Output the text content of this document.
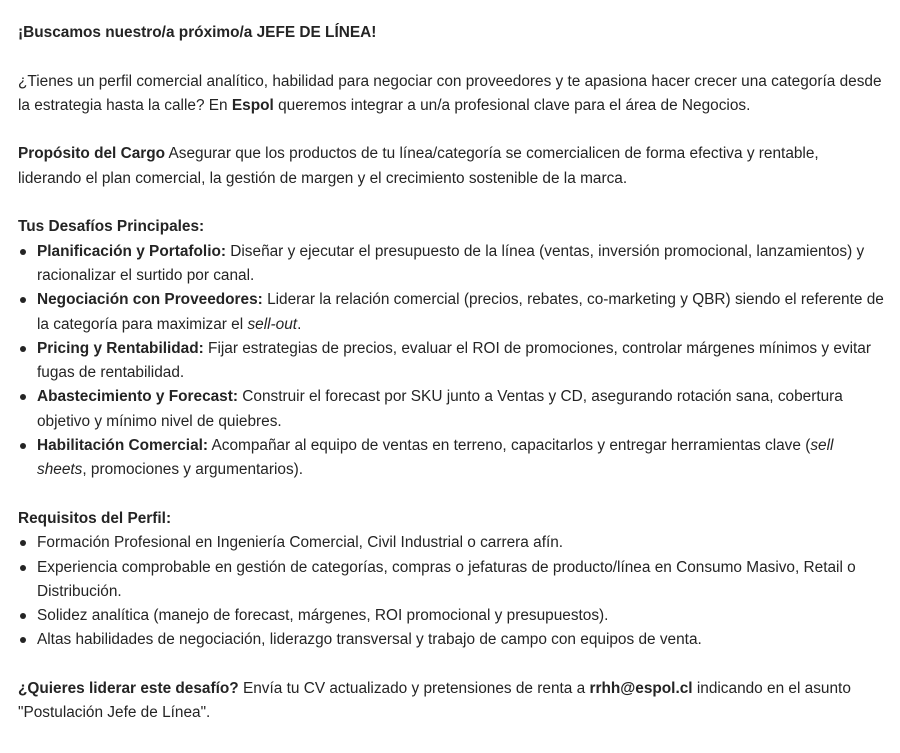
¡Buscamos nuestro/a próximo/a JEFE DE LÍNEA!

¿Tienes un perfil comercial analítico, habilidad para negociar con proveedores y te apasiona hacer crecer una categoría desde la estrategia hasta la calle? En Espol queremos integrar a un/a profesional clave para el área de Negocios.

Propósito del Cargo Asegurar que los productos de tu línea/categoría se comercialicen de forma efectiva y rentable, liderando el plan comercial, la gestión de margen y el crecimiento sostenible de la marca.

Tus Desafíos Principales:

Planificación y Portafolio: Diseñar y ejecutar el presupuesto de la línea (ventas, inversión promocional, lanzamientos) y racionalizar el surtido por canal.
Negociación con Proveedores: Liderar la relación comercial (precios, rebates, co-marketing y QBR) siendo el referente de la categoría para maximizar el sell-out.
Pricing y Rentabilidad: Fijar estrategias de precios, evaluar el ROI de promociones, controlar márgenes mínimos y evitar fugas de rentabilidad.
Abastecimiento y Forecast: Construir el forecast por SKU junto a Ventas y CD, asegurando rotación sana, cobertura objetivo y mínimo nivel de quiebres.
Habilitación Comercial: Acompañar al equipo de ventas en terreno, capacitarlos y entregar herramientas clave (sell sheets, promociones y argumentarios).

Requisitos del Perfil:

Formación Profesional en Ingeniería Comercial, Civil Industrial o carrera afín.
Experiencia comprobable en gestión de categorías, compras o jefaturas de producto/línea en Consumo Masivo, Retail o Distribución.
Solidez analítica (manejo de forecast, márgenes, ROI promocional y presupuestos).
Altas habilidades de negociación, liderazgo transversal y trabajo de campo con equipos de venta.

¿Quieres liderar este desafío? Envía tu CV actualizado y pretensiones de renta a rrhh@espol.cl indicando en el asunto "Postulación Jefe de Línea".
